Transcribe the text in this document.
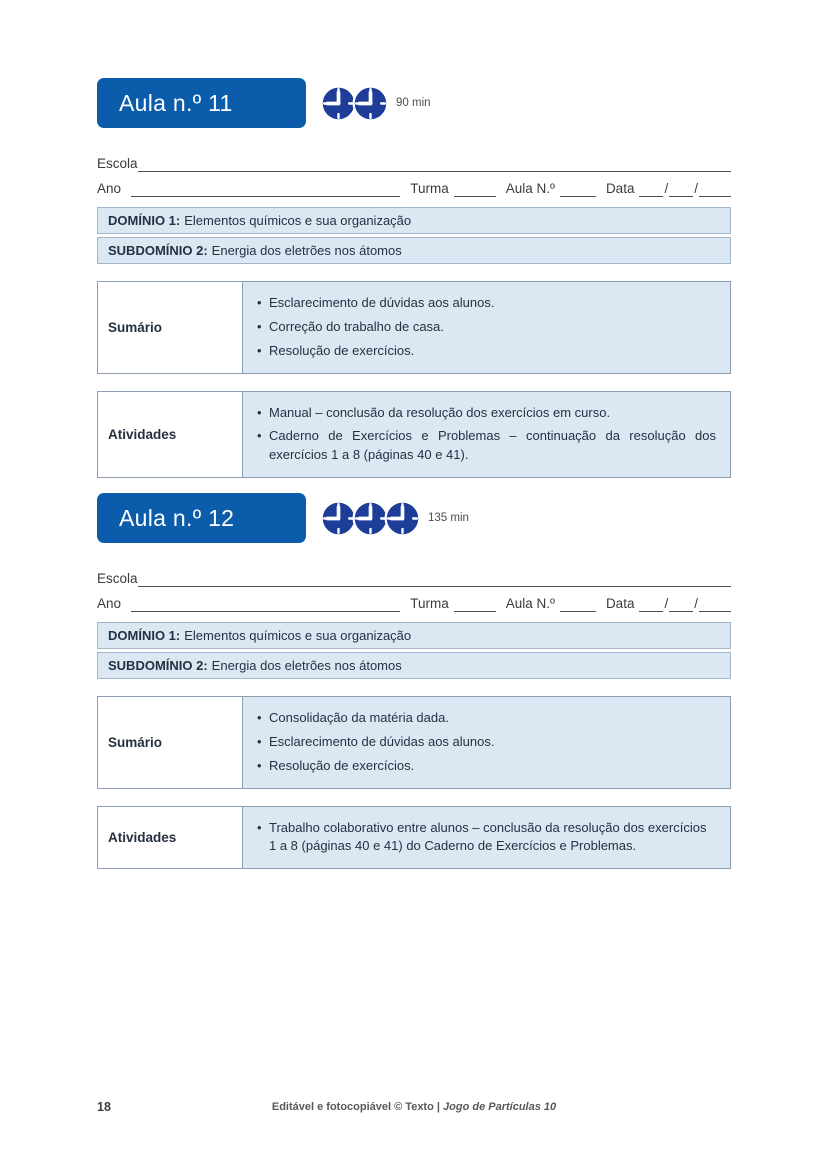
Aula n.º 11	90 min
Escola
Ano	Turma	Aula N.º	Data / /
DOMÍNIO 1: Elementos químicos e sua organização
SUBDOMÍNIO 2: Energia dos eletrões nos átomos
Sumário	
• Esclarecimento de dúvidas aos alunos.
• Correção do trabalho de casa.
• Resolução de exercícios.
Atividades	
• Manual – conclusão da resolução dos exercícios em curso.
• Caderno de Exercícios e Problemas – continuação da resolução dos exercícios 1 a 8 (páginas 40 e 41).
Aula n.º 12	135 min
Escola
Ano	Turma	Aula N.º	Data / /
DOMÍNIO 1: Elementos químicos e sua organização
SUBDOMÍNIO 2: Energia dos eletrões nos átomos
Sumário	
• Consolidação da matéria dada.
• Esclarecimento de dúvidas aos alunos.
• Resolução de exercícios.
Atividades	
• Trabalho colaborativo entre alunos – conclusão da resolução dos exercícios 1 a 8 (páginas 40 e 41) do Caderno de Exercícios e Problemas.
18	Editável e fotocopiável © Texto | Jogo de Partículas 10
